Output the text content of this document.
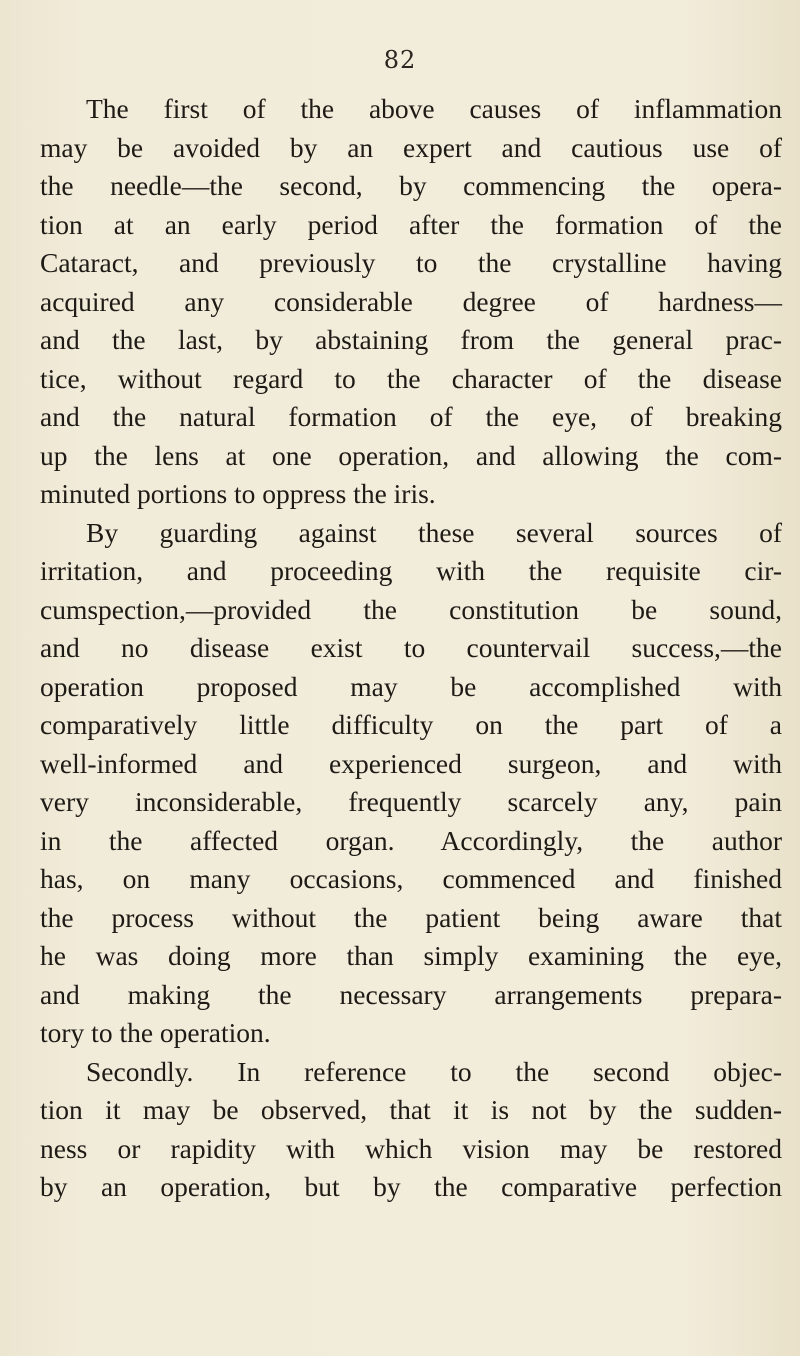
82
The first of the above causes of inflammation
may be avoided by an expert and cautious use of
the needle—the second, by commencing the opera-
tion at an early period after the formation of the
Cataract, and previously to the crystalline having
acquired any considerable degree of hardness—
and the last, by abstaining from the general prac-
tice, without regard to the character of the disease
and the natural formation of the eye, of breaking
up the lens at one operation, and allowing the com-
minuted portions to oppress the iris.
By guarding against these several sources of
irritation, and proceeding with the requisite cir-
cumspection,—provided the constitution be sound,
and no disease exist to countervail success,—the
operation proposed may be accomplished with
comparatively little difficulty on the part of a
well-informed and experienced surgeon, and with
very inconsiderable, frequently scarcely any, pain
in the affected organ. Accordingly, the author
has, on many occasions, commenced and finished
the process without the patient being aware that
he was doing more than simply examining the eye,
and making the necessary arrangements prepara-
tory to the operation.
Secondly. In reference to the second objec-
tion it may be observed, that it is not by the sudden-
ness or rapidity with which vision may be restored
by an operation, but by the comparative perfection
